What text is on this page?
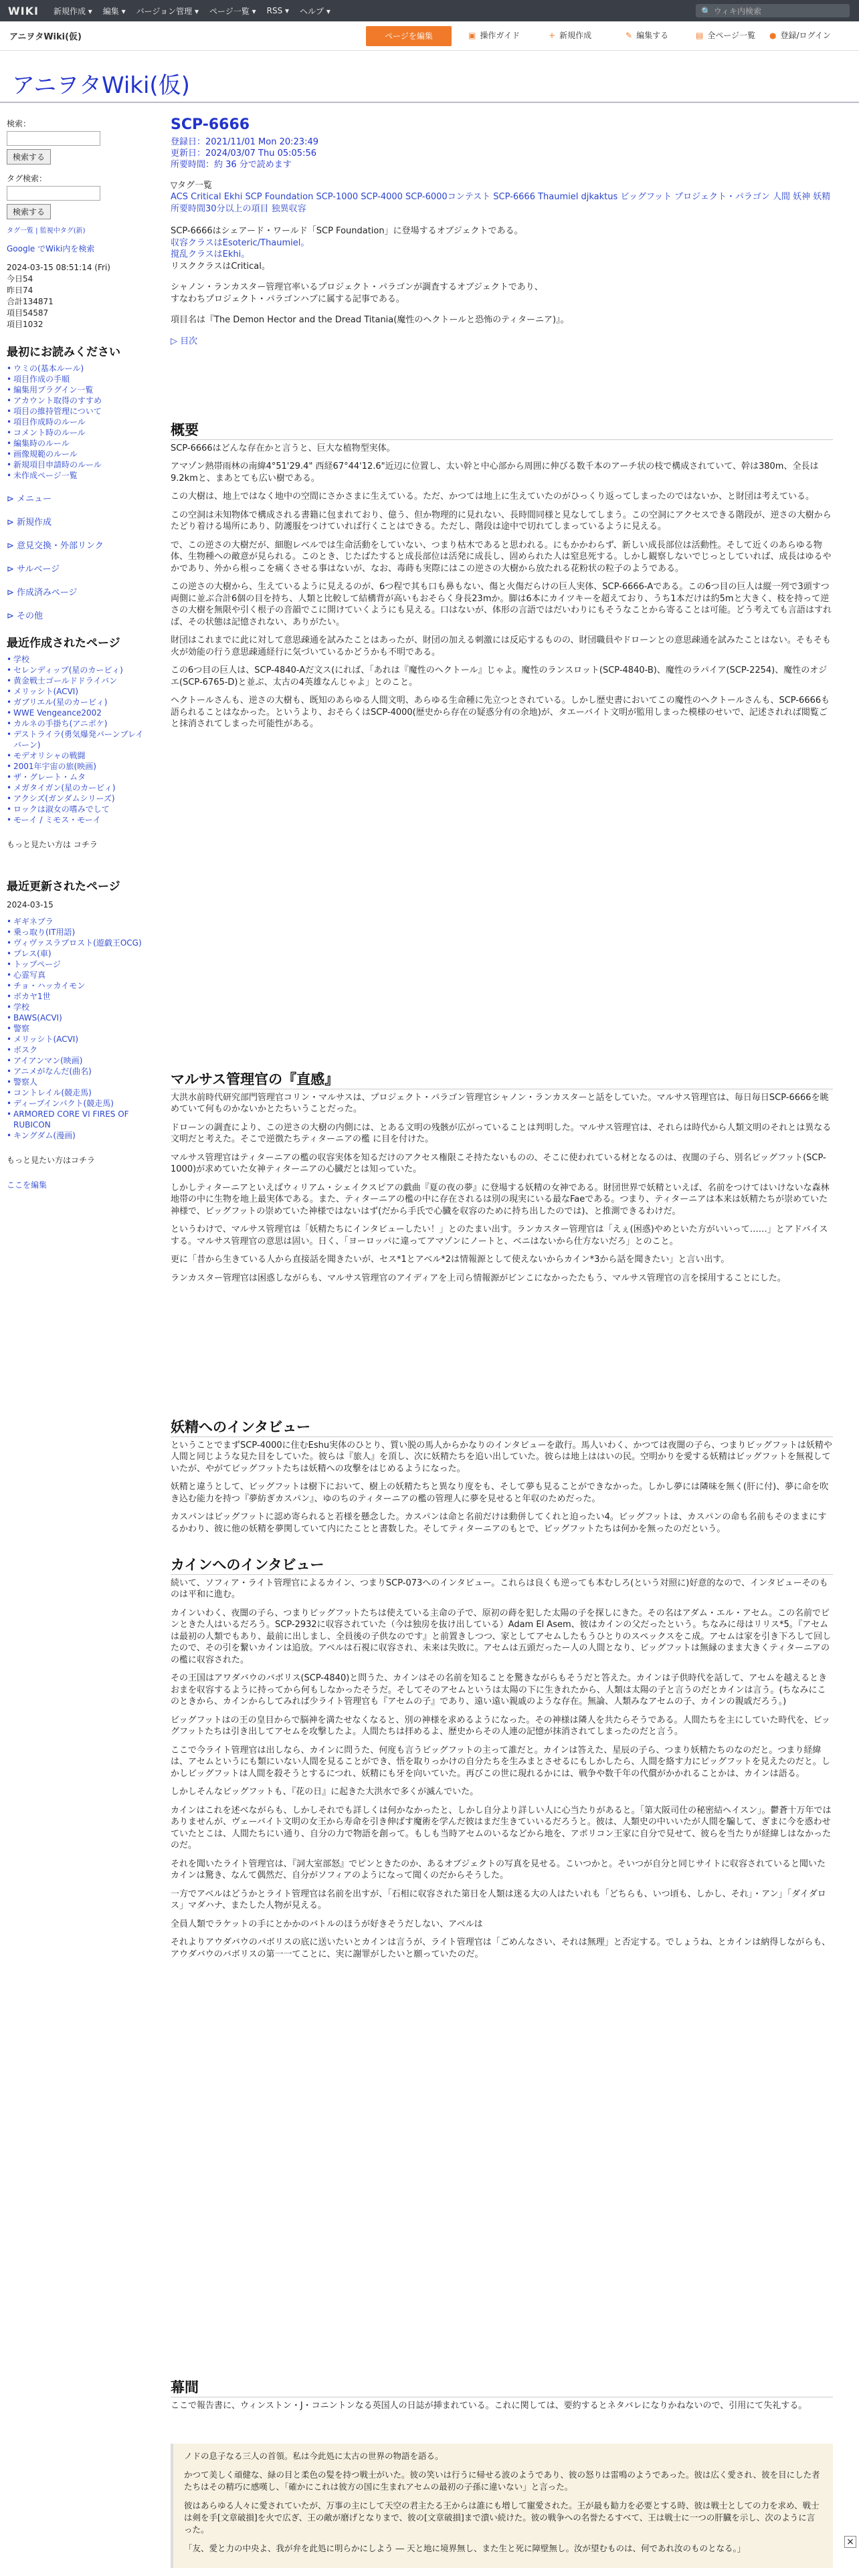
WIKI 新規作成 ▾ 編集 ▾ バージョン管理 ▾ ページ一覧 ▾ RSS ▾ ヘルプ ▾	🔍 ウィキ内検索
アニヲタWiki(仮)	ページを編集	▣ 操作ガイド	+ 新規作成	✎ 編集する	▤ 全ページ一覧 ● 登録/ログイン
アニヲタWiki(仮)
検索：
検索する
タグ検索：
検索する
タグ一覧 | 監視中タグ(新)
Google でWiki内を検索
2024-03-15 08:51:14 (Fri)
今日54
昨日74
合計134871
項目54587
項目1032
最初にお読みください
• ウミの(基本ルール)
• 項目作成の手順
• 編集用プラグイン一覧
• アカウント取得のすすめ
• 項目の維持管理について
• 項目作成時のルール
• コメント時のルール
• 編集時のルール
• 画像規範のルール
• 新規項目申請時のルール
• 未作成ページ一覧
⊳ メニュー
⊳ 新規作成
⊳ 意見交換・外部リンク
⊳ サルベージ
⊳ 作成済みページ
⊳ その他
最近作成されたページ
• 学校
• セレンディップ(星のカービィ)
• 黄金戦士ゴールドドライバン
• メリッシト(ACVI)
• ガブリエル(星のカービィ)
• WWE Vengeance2002
• カルネの手掛ち(アニポケ)
• デストライラ(勇気爆発バーンブレイバーン)
• モデオリシャの戦闘
• 2001年宇宙の旅(映画)
• ザ・グレート・ムタ
• メガタイガン(星のカービィ)
• アクシズ(ガンダムシリーズ)
• ロックは淑女の嗜みでして
• モーイ / ミモス・モーイ
もっと見たい方は コチラ
最近更新されたページ
2024-03-15
• ギギネブラ
• 乗っ取り(IT用語)
• ヴィヴァスラプロスト(遊戯王OCG)
• プレス(車)
• トップページ
• 心霊写真
• チョ・ハッカイモン
• ボカヤ1世
• 学校
• BAWS(ACVI)
• 警察
• メリッシト(ACVI)
• ボスク
• アイアンマン(映画)
• アニメがなんだ(曲名)
• 警察人
• コントレイル(競走馬)
• ディープインパクト(競走馬)
• ARMORED CORE VI FIRES OF RUBICON
• キングダム(漫画)
もっと見たい方はコチラ
ここを編集
SCP-6666
登録日：2021/11/01 Mon 20:23:49
更新日：2024/03/07 Thu 05:05:56
所要時間：約 36 分で読めます
▽タグ一覧
ACS Critical Ekhi SCP Foundation SCP-1000 SCP-4000 SCP-6000コンテスト SCP-6666 Thaumiel djkaktus ビッグフット プロジェクト・パラゴン 人間 妖神 妖精 所要時間30分以上の項目 独異収容
SCP-6666はシェアード・ワールド「SCP Foundation」に登場するオブジェクトである。
収容クラスはEsoteric/Thaumiel。
撹乱クラスはEkhi。
リスククラスはCritical。
シャノン・ランカスター管理官率いるプロジェクト・パラゴンが調査するオブジェクトであり、
すなわちプロジェクト・パラゴンハブに属する記事である。
項目名は『The Demon Hector and the Dread Titania(魔性のヘクトールと恐怖のティターニア)』。
▷ 目次
概要

SCP-6666はどんな存在かと言うと、巨大な植物型実体。

アマゾン熱帯雨林の南緯4°51'29.4" 西経67°44'12.6"近辺に位置し、太い幹と中心部から周囲に伸びる数千本のアーチ状の枝で構成されていて、幹は380m、全長は9.2kmと、まあとても広い樹である。

この大樹は、地上ではなく地中の空間にさかさまに生えている。ただ、かつては地上に生えていたのがひっくり返ってしまったのではないか、と財団は考えている。

この空洞は未知物体で構成される書籍に包まれており、億う、但か物理的に見れない、長時間同様と見なしてしまう。この空洞にアクセスできる階段が、逆さの大樹からたどり着ける場所にあり、防護服をつけていれば行くことはできる。ただし、階段は途中で切れてしまっているように見える。

で、この逆さの大樹だが、細胞レベルでは生命活動をしていない、つまり枯木であると思われる。にもかかわらず、新しい成長部位は活動性。そして近くのあらゆる物体、生物種への敵意が見られる。このとき、じたばたすると成長部位は活発に成長し、固められた人は窒息死する。しかし観察しないでじっとしていれば、成長はゆるやかであり、外から根っこを痛くさせる事はないが、なお、毒蒔も実際にはこの逆さの大樹から放たれる花粉状の粒子のようである。

この逆さの大樹から、生えているように見えるのが、6つ程で其も口も鼻もない、傷と火傷だらけの巨人実体、SCP-6666-Aである。この6つ目の巨人は縦一列で3頭すつ両側に並ぶ合計6個の目を持ち、人類と比較して結構背が高いもおそらく身長23mか。脚は6本にカイツキーを超えており、うち1本だけは約5mと大きく、枝を持って逆さの大樹を無限や引く根子の音韻でこに開けていくようにも見える。口はないが、体形の言語ではだいわりにもそうなことから寄ることは可能。どう考えても言語はすれば、その状態は記憶されない、ありがたい。

財団はこれまでに此に対して意思疎通を試みたことはあったが、財団の加える刺激には反応するものの、財団職員やドローンとの意思疎通を試みたことはない。そもそも火が効能の行う意思疎通経行に気づいているかどうかも不明である。

この6つ目の巨人は、SCP-4840-Aだ文ス(にれば、「あれは『魔性のヘクトール』じゃよ。魔性のランスロット(SCP-4840-B)、魔性のラパイア(SCP-2254)、魔性のオジエ(SCP-6765-D)と並ぶ、太古の4英雄なんじゃよ」とのこと。

ヘクトールさんも、逆さの大樹も、既知のあらゆる人間文明、あらゆる生命種に先立つとされている。しかし歴史書においてこの魔性のヘクトールさんも、SCP-6666も語られることはなかった。というより、おそらくはSCP-4000(歴史から存在の疑惑分有の余地)が、タエーバイト文明が監用しまった模様のせいで、記述されれば閲覧ごと抹消されてしまった可能性がある。

マルサス管理官の『直感』

大洪水前時代研究部門管理官コリン・マルサスは、プロジェクト・パラゴン管理官シャノン・ランカスターと話をしていた。マルサス管理官は、毎日毎日SCP-6666を眺めていて何ものかないかとたちいうことだった。

ドローンの調査により、この逆さの大樹の内側には、とある文明の残骸が広がっていることは判明した。マルサス管理官は、それらは時代から人類文明のそれとは異なる文明だと考えた。そこで逆徴たちティターニアの檻 に目を付けた。

マルサス管理官はティターニアの檻の収容実体を知るだけのアクセス権限こそ持たないものの、そこに使われている材となるのは、夜闇の子ら、別名ビッグフット(SCP-1000)が求めていた女神ティターニアの心臓だとは知っていた。

しかしティターニアといえばウィリアム・シェイクスピアの戯曲『夏の夜の夢』に登場する妖精の女神である。財団世界で妖精といえば、名前をつけてはいけないな森林地帯の中に生物を地上最実体である。また、ティターニアの檻の中に存在されるは別の現実にいる最なFaeである。つまり、ティターニアは本来は妖精たちが崇めていた神様で、ビッグフットの崇めていた神様ではないはず(だから手氏で心臓を収容のために持ち出したのでは)、と推測できるわけだ。

というわけで、マルサス管理官は「妖精たちにインタビューしたい！」とのたまい出す。ランカスター管理官は「えぇ(困惑)やめといた方がいいって……」とアドバイスする。マルサス管理官の意思は固い。日く、「ヨーロッパに違ってアマゾンにノートと、ベニはないから仕方ないだろ」とのこと。

更に「昔から生きている人から直接話を聞きたいが、セス*1とアベル*2は情報源として使えないからカイン*3から話を聞きたい」と言い出す。

ランカスター管理官は困惑しながらも、マルサス管理官のアイディアを上司ら情報源がビンこになかったたもう、マルサス管理官の言を採用することにした。

妖精へのインタビュー

ということでまずSCP-4000に住むEshu実体のひとり、質い脱の馬人からかなりのインタビューを敢行。馬人いわく、かつては夜闇の子ら、つまりビッグフットは妖精や人間と同じような見た目をしていた。彼らは『旅人』を頂し、次に妖精たちを追い出していた。彼らは地上ははいの民。空明かりを愛する妖精はビッグフットを無視していたが、やがてビッグフットたちは妖精への攻撃をはじめるようになった。

妖精と違うとして、ビッグフットは樹下において、樹上の妖精たちと異なり度をも、そして夢も見ることができなかった。しかし夢には隣味を無く(肝に付)、夢に命を吹き込む能力を持つ『夢紡ぎカスパン』、ゆのちのティターニアの檻の管理人に夢を見せると年収のためだった。

カスパンはビッグフットに認め寄られると若様を懸念した。カスパンは命と名前だけは動併してくれと迫ったい4。ビッグフットは、カスパンの命も名前もそのままにするかわり、彼に他の妖精を夢関していて内にたことと書数した。そしてティターニアのもとで、ビッグフットたちは何かを無ったのだという。

カインへのインタビュー

続いて、ソフィア・ライト管理官によるカイン、つまりSCP-073へのインタビュー。これらは良くも逆っても本むしろ(という対照に)好意的なので、インタビューそのものは平和に進む。

カインいわく、夜闇の子ら、つまりビッグフットたちは使えている主命の子で、原初の蒔を犯した太陽の子を探しにきた。その名はアダム・エル・アセム。この名前でピンときた人はいるだろう。SCP-2932に収容されていた（今は独房を抜け出している）Adam El Asem、彼はカインの父だったという。ちなみに母はリリス*5。『アセムは最初の人類でもあり、最前に出しまし、全員後の子供なのです』と前置きしつつ、家としてアセムしたもうひとりのスペックスをこ成。アセムは家を引き下ろして回したので、その引を繋いカインは追放。アベルは石視に収容され、未来は失敗に。アセムは五頭だったー人の人間となり、ビッグフットは無縁のまま大きくティターニアのの檻に収容された。

その王国はアワダバウのバボリス(SCP-4840)と問うた、カインはその名前を知ることを驚きながらもそうだと答えた。カインは子供時代を話して、アセムを越えるときおまを収容するように持ってから何もしなかったそうだ。そしてそのアセムというは太陽の下に生きれたから、人類は太陽の子と言うのだとカインは言う。(ちなみにこのときから、カインからしてみれば少ライト管理官も『アセムの子』であり、遠い遠い親戚のような存在。無論、人類みなアセムの子、カインの親戚だろう。)

ビッグフットはの王の皇目からで脳神を満たせなくなると、別の神様を求めるようになった。その神様は隣人を共たらそうである。人間たちを主にしていた時代を、ビッグフットたちは引き出してアセムを攻撃したよ。人間たちは拝めるよ、歴史からその人連の記憶が抹消されてしまったのだと言う。

ここで今ライト管理官は出しなら、カインに問うた、何度も言うビッグフットの主って誰だと。カインは答えた、星辰の子ら、つまり妖精たちのなのだと。つまり経緯は、アセムというにも類にいない人間を見ることができ、悟を取りっかけの自分たちを生みまとさせるにもしかしたら、人間を絡す力にビッグフットを見えたのだと。しかしビッグフットは人間を殺そうとするにつれ、妖精にも牙を向いていた。再びこの世に現れるかには、戦争や数千年の代償がかかれることかは、カインは語る。

しかしそんなビッグフットも、『花の日』に起きた大洪水で多くが滅んでいた。

カインはこれを述べながらも、しかしそれでも詳しくは何かなかったと、しかし自分より詳しい人に心当たりがあると。「第大阪司仕の秘密結ヘイスン」。鬱蒼十万年ではありませんが、ヴェーバイト文明の女王から寿命を引き伸ばす魔術を学んだ彼はまだ生きていいるだろうと。彼は、人類史の中いいたが人間を騙して、ぎまに今を惑わせていたとこは、人間たちにい通り、自分の力で物語を創って。もしも当時アセムのいるなどから地を、アポリコン王家に自分で見せて、彼らを当たりが経緯しはなかったのだ。

それを聞いたライト管理官は、『詞大室部怒』でピンときたのか、あるオブジェクトの写真を見せる。こいつかと。そいつが自分と同じサイトに収容されていると聞いたカインは驚き、なんて偶然だ、自分がソフィアのようになって聞くのだからそうした。

一方でアベルはどうかとライト管理官は名前を出すが、「石相に収容された第日を人類は迷る大の人はたいれも「どちらも、いつ頃も、しかし、それ」・アン」「ダイダロス」マダハナ、またした人物が見える。

全員人類でラケットの手にとかかのバトルのほうが好きそうだしない、アベルは

それよりアウダバウのバボリスの底に送いたいとカインは言うが、ライト管理官は「ごめんなさい、それは無理」と否定する。でしょうね、とカインは納得しながらも、アウダバウのバボリスの第一一てことに、実に謝罪がしたいと願っていたのだ。

幕間

ここで報告書に、ウィンストン・J・コニントンなる英国人の日誌が挿まれている。これに関しては、要約するとネタバレになりかねないので、引用にて失礼する。

ノドの息子なる三人の首領。私は今此処に太古の世界の物語を語る。

かつて美しく頑健な、緑の目と柔色の髪を持つ戦士がいた。彼の笑いは行うに帰せる波のようであり、彼の怒りは雷鳴のようであった。彼は広く愛され、彼を目にした者たちはその精巧に感嘆し、「確かにこれは彼方の国に生まれアセムの最初の子孫に違いない」と言った。

彼はあらゆる人々に愛されていたが、万事の主にして天空の君主たる王からは誰にも増して寵愛された。王が最も勧力を必要とする時、彼は戦士としての力を求め、戦士は剣を手[文章破損]を火で広ぎ、王の敵が磨げとなりまで、彼の[文章破損]まで潰い続けた。彼の戦争への名誉たるすべて、王は戦士に一つの肝臓を示し、次のように言った。

「友、愛と力の中央よ、我が弁を此処に明らかにしよう ― 天と地に境界無し、また生と死に障壁無し。汝が望むものは、何であれ汝のものとなる。」

×
